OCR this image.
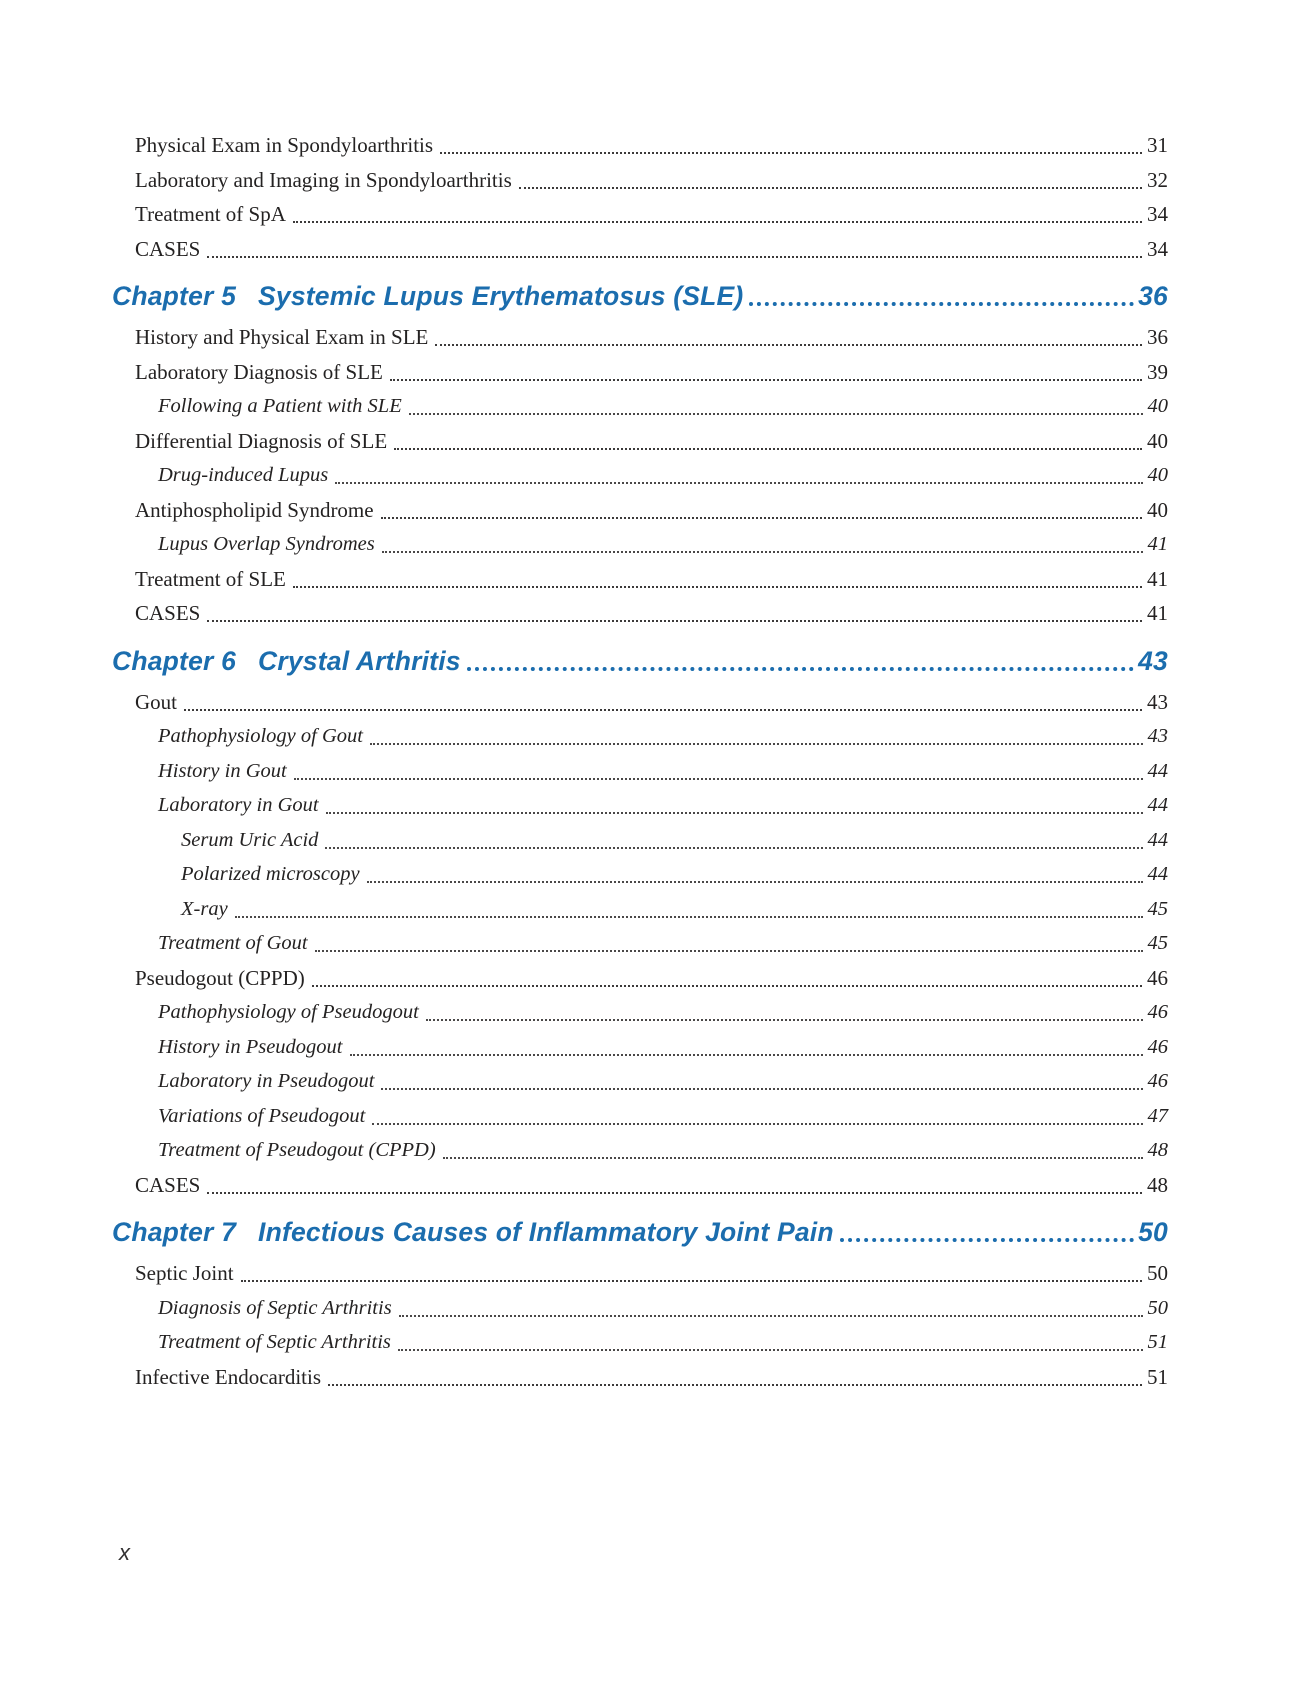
Physical Exam in Spondyloarthritis	31
Laboratory and Imaging in Spondyloarthritis	32
Treatment of SpA	34
CASES	34
Chapter 5 Systemic Lupus Erythematosus (SLE)	36
History and Physical Exam in SLE	36
Laboratory Diagnosis of SLE	39
Following a Patient with SLE	40
Differential Diagnosis of SLE	40
Drug-induced Lupus	40
Antiphospholipid Syndrome	40
Lupus Overlap Syndromes	41
Treatment of SLE	41
CASES	41
Chapter 6 Crystal Arthritis	43
Gout	43
Pathophysiology of Gout	43
History in Gout	44
Laboratory in Gout	44
Serum Uric Acid	44
Polarized microscopy	44
X-ray	45
Treatment of Gout	45
Pseudogout (CPPD)	46
Pathophysiology of Pseudogout	46
History in Pseudogout	46
Laboratory in Pseudogout	46
Variations of Pseudogout	47
Treatment of Pseudogout (CPPD)	48
CASES	48
Chapter 7 Infectious Causes of Inflammatory Joint Pain	50
Septic Joint	50
Diagnosis of Septic Arthritis	50
Treatment of Septic Arthritis	51
Infective Endocarditis	51
x
